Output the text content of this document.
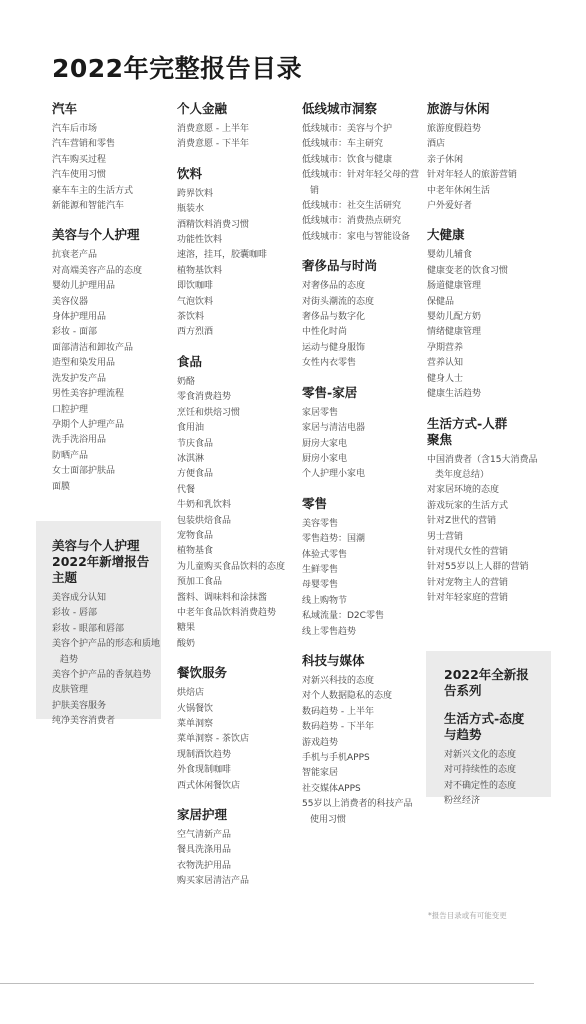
2022年完整报告目录
汽车
汽车后市场
汽车营销和零售
汽车购买过程
汽车使用习惯
豪车车主的生活方式
新能源和智能汽车
美容与个人护理
抗衰老产品
对高端美容产品的态度
婴幼儿护理用品
美容仪器
身体护理用品
彩妆 - 面部
面部清洁和卸妆产品
造型和染发用品
洗发护发产品
男性美容护理流程
口腔护理
孕期个人护理产品
洗手洗浴用品
防晒产品
女士面部护肤品
面膜
美容与个人护理2022年新增报告主题
美容成分认知
彩妆 - 唇部
彩妆 - 眼部和唇部
美容个护产品的形态和质地趋势
美容个护产品的香氛趋势
皮肤管理
护肤美容服务
纯净美容消费者
个人金融
消费意愿 - 上半年
消费意愿 - 下半年
饮料
跨界饮料
瓶装水
酒精饮料消费习惯
功能性饮料
速溶，挂耳，胶囊咖啡
植物基饮料
即饮咖啡
气泡饮料
茶饮料
西方烈酒
食品
奶酪
零食消费趋势
烹饪和烘焙习惯
食用油
节庆食品
冰淇淋
方便食品
代餐
牛奶和乳饮料
包装烘焙食品
宠物食品
植物基食
为儿童购买食品饮料的态度
预加工食品
酱料、调味料和涂抹酱
中老年食品饮料消费趋势
糖果
酸奶
餐饮服务
烘焙店
火锅餐饮
菜单洞察
菜单洞察 - 茶饮店
现制酒饮趋势
外食现制咖啡
西式休闲餐饮店
家居护理
空气清新产品
餐具洗涤用品
衣物洗护用品
购买家居清洁产品
低线城市洞察
低线城市：美容与个护
低线城市：车主研究
低线城市：饮食与健康
低线城市：针对年轻父母的营销
低线城市：社交生活研究
低线城市：消费热点研究
低线城市：家电与智能设备
奢侈品与时尚
对奢侈品的态度
对街头潮流的态度
奢侈品与数字化
中性化时尚
运动与健身服饰
女性内衣零售
零售-家居
家居零售
家居与清洁电器
厨房大家电
厨房小家电
个人护理小家电
零售
美容零售
零售趋势：国潮
体验式零售
生鲜零售
母婴零售
线上购物节
私域流量：D2C零售
线上零售趋势
科技与媒体
对新兴科技的态度
对个人数据隐私的态度
数码趋势 - 上半年
数码趋势 - 下半年
游戏趋势
手机与手机APPS
智能家居
社交媒体APPS
55岁以上消费者的科技产品使用习惯
旅游与休闲
旅游度假趋势
酒店
亲子休闲
针对年轻人的旅游营销
中老年休闲生活
户外爱好者
大健康
婴幼儿辅食
健康变老的饮食习惯
肠道健康管理
保健品
婴幼儿配方奶
情绪健康管理
孕期营养
营养认知
健身人士
健康生活趋势
生活方式-人群聚焦
中国消费者（含15大消费品类年度总结）
对家居环境的态度
游戏玩家的生活方式
针对Z世代的营销
男士营销
针对现代女性的营销
针对55岁以上人群的营销
针对宠物主人的营销
针对年轻家庭的营销
2022年全新报告系列
生活方式-态度与趋势
对新兴文化的态度
对可持续性的态度
对不确定性的态度
粉丝经济
*报告目录或有可能变更
